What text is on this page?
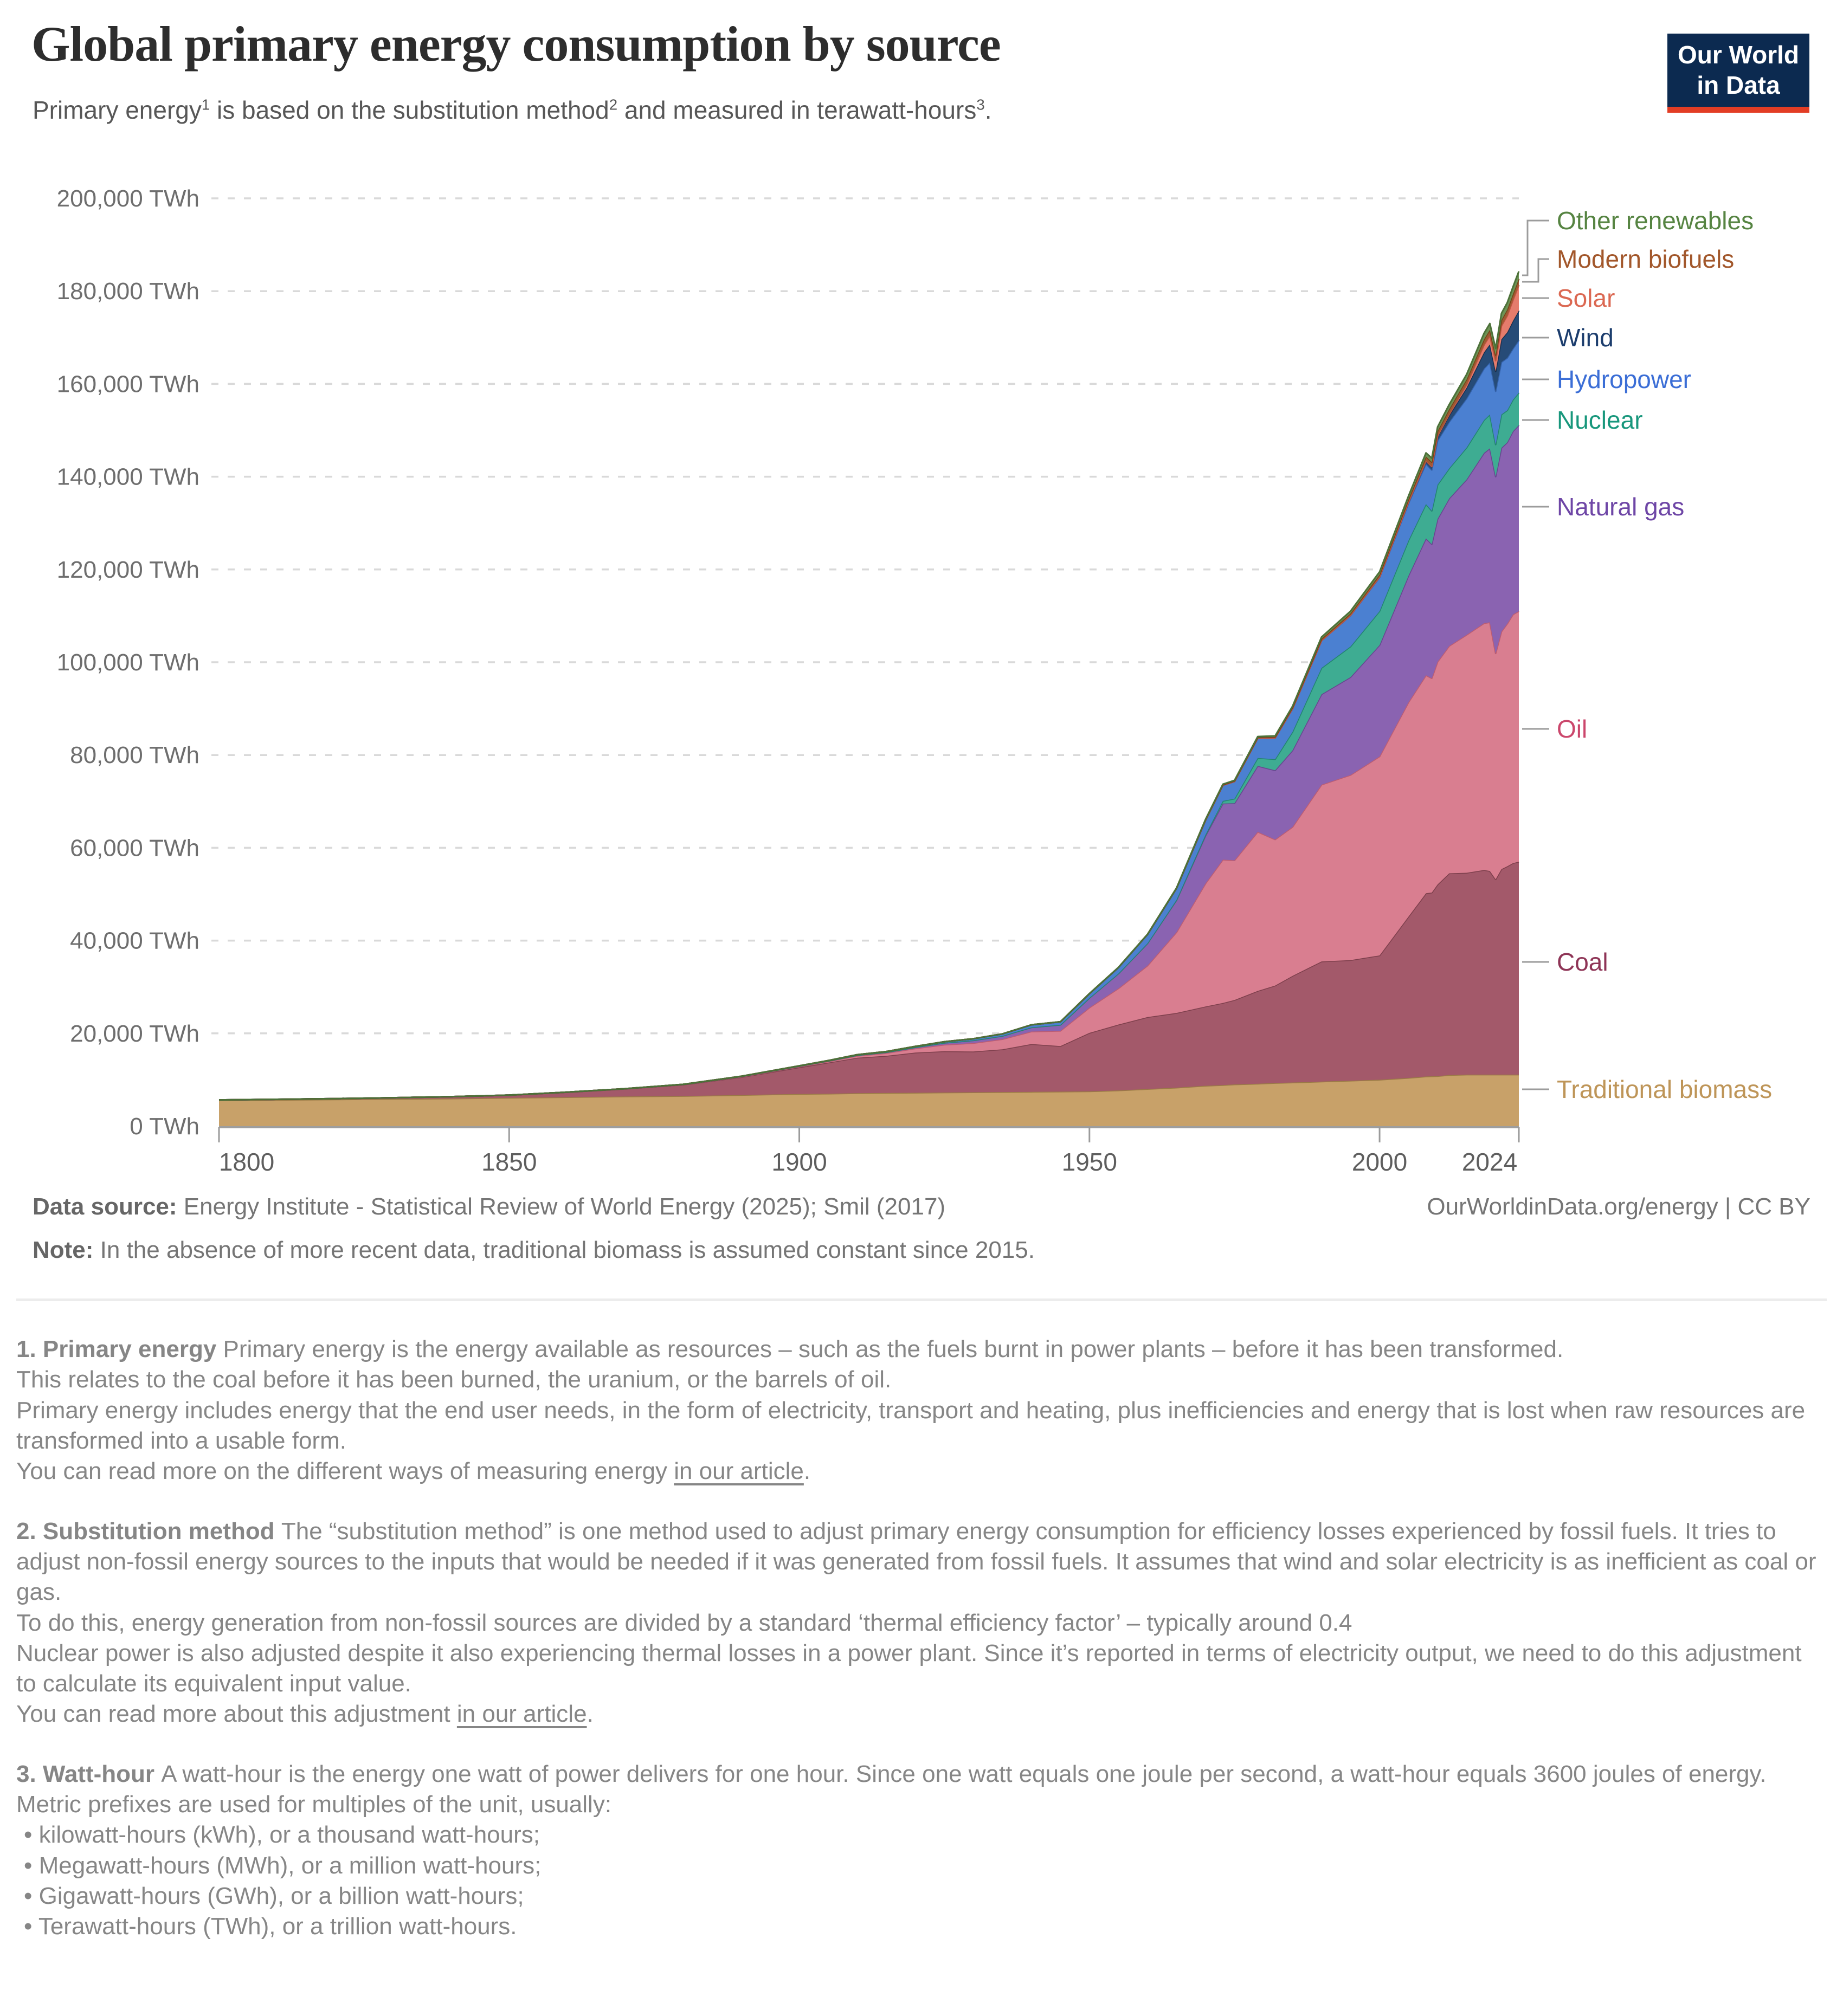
Global primary energy consumption by source
Primary energy$^1$ is based on the substitution method$^2$ and measured in terawatt-hours$^3$.
Our World
in Data
0 TWh
20,000 TWh
40,000 TWh
60,000 TWh
80,000 TWh
100,000 TWh
120,000 TWh
140,000 TWh
160,000 TWh
180,000 TWh
200,000 TWh
1800	1850	1900	1950	2000 2024
Other renewables
Modern biofuels
Solar
Wind
Hydropower
Nuclear
Natural gas
Oil
Coal
Traditional biomass
Data source: Energy Institute - Statistical Review of World Energy (2025); Smil (2017)	OurWorldinData.org/energy | CC BY
Note: In the absence of more recent data, traditional biomass is assumed constant since 2015.
1. Primary energy Primary energy is the energy available as resources – such as the fuels burnt in power plants – before it has been transformed.
This relates to the coal before it has been burned, the uranium, or the barrels of oil.
Primary energy includes energy that the end user needs, in the form of electricity, transport and heating, plus inefficiencies and energy that is lost when raw resources are transformed into a usable form.
You can read more on the different ways of measuring energy in our article.
2. Substitution method The “substitution method” is one method used to adjust primary energy consumption for efficiency losses experienced by fossil fuels. It tries to adjust non-fossil energy sources to the inputs that would be needed if it was generated from fossil fuels. It assumes that wind and solar electricity is as inefficient as coal or gas.
To do this, energy generation from non-fossil sources are divided by a standard ‘thermal efficiency factor’ – typically around 0.4
Nuclear power is also adjusted despite it also experiencing thermal losses in a power plant. Since it’s reported in terms of electricity output, we need to do this adjustment to calculate its equivalent input value.
You can read more about this adjustment in our article.
3. Watt-hour A watt-hour is the energy one watt of power delivers for one hour. Since one watt equals one joule per second, a watt-hour equals 3600 joules of energy.
Metric prefixes are used for multiples of the unit, usually:
• kilowatt-hours (kWh), or a thousand watt-hours;
• Megawatt-hours (MWh), or a million watt-hours;
• Gigawatt-hours (GWh), or a billion watt-hours;
• Terawatt-hours (TWh), or a trillion watt-hours.
